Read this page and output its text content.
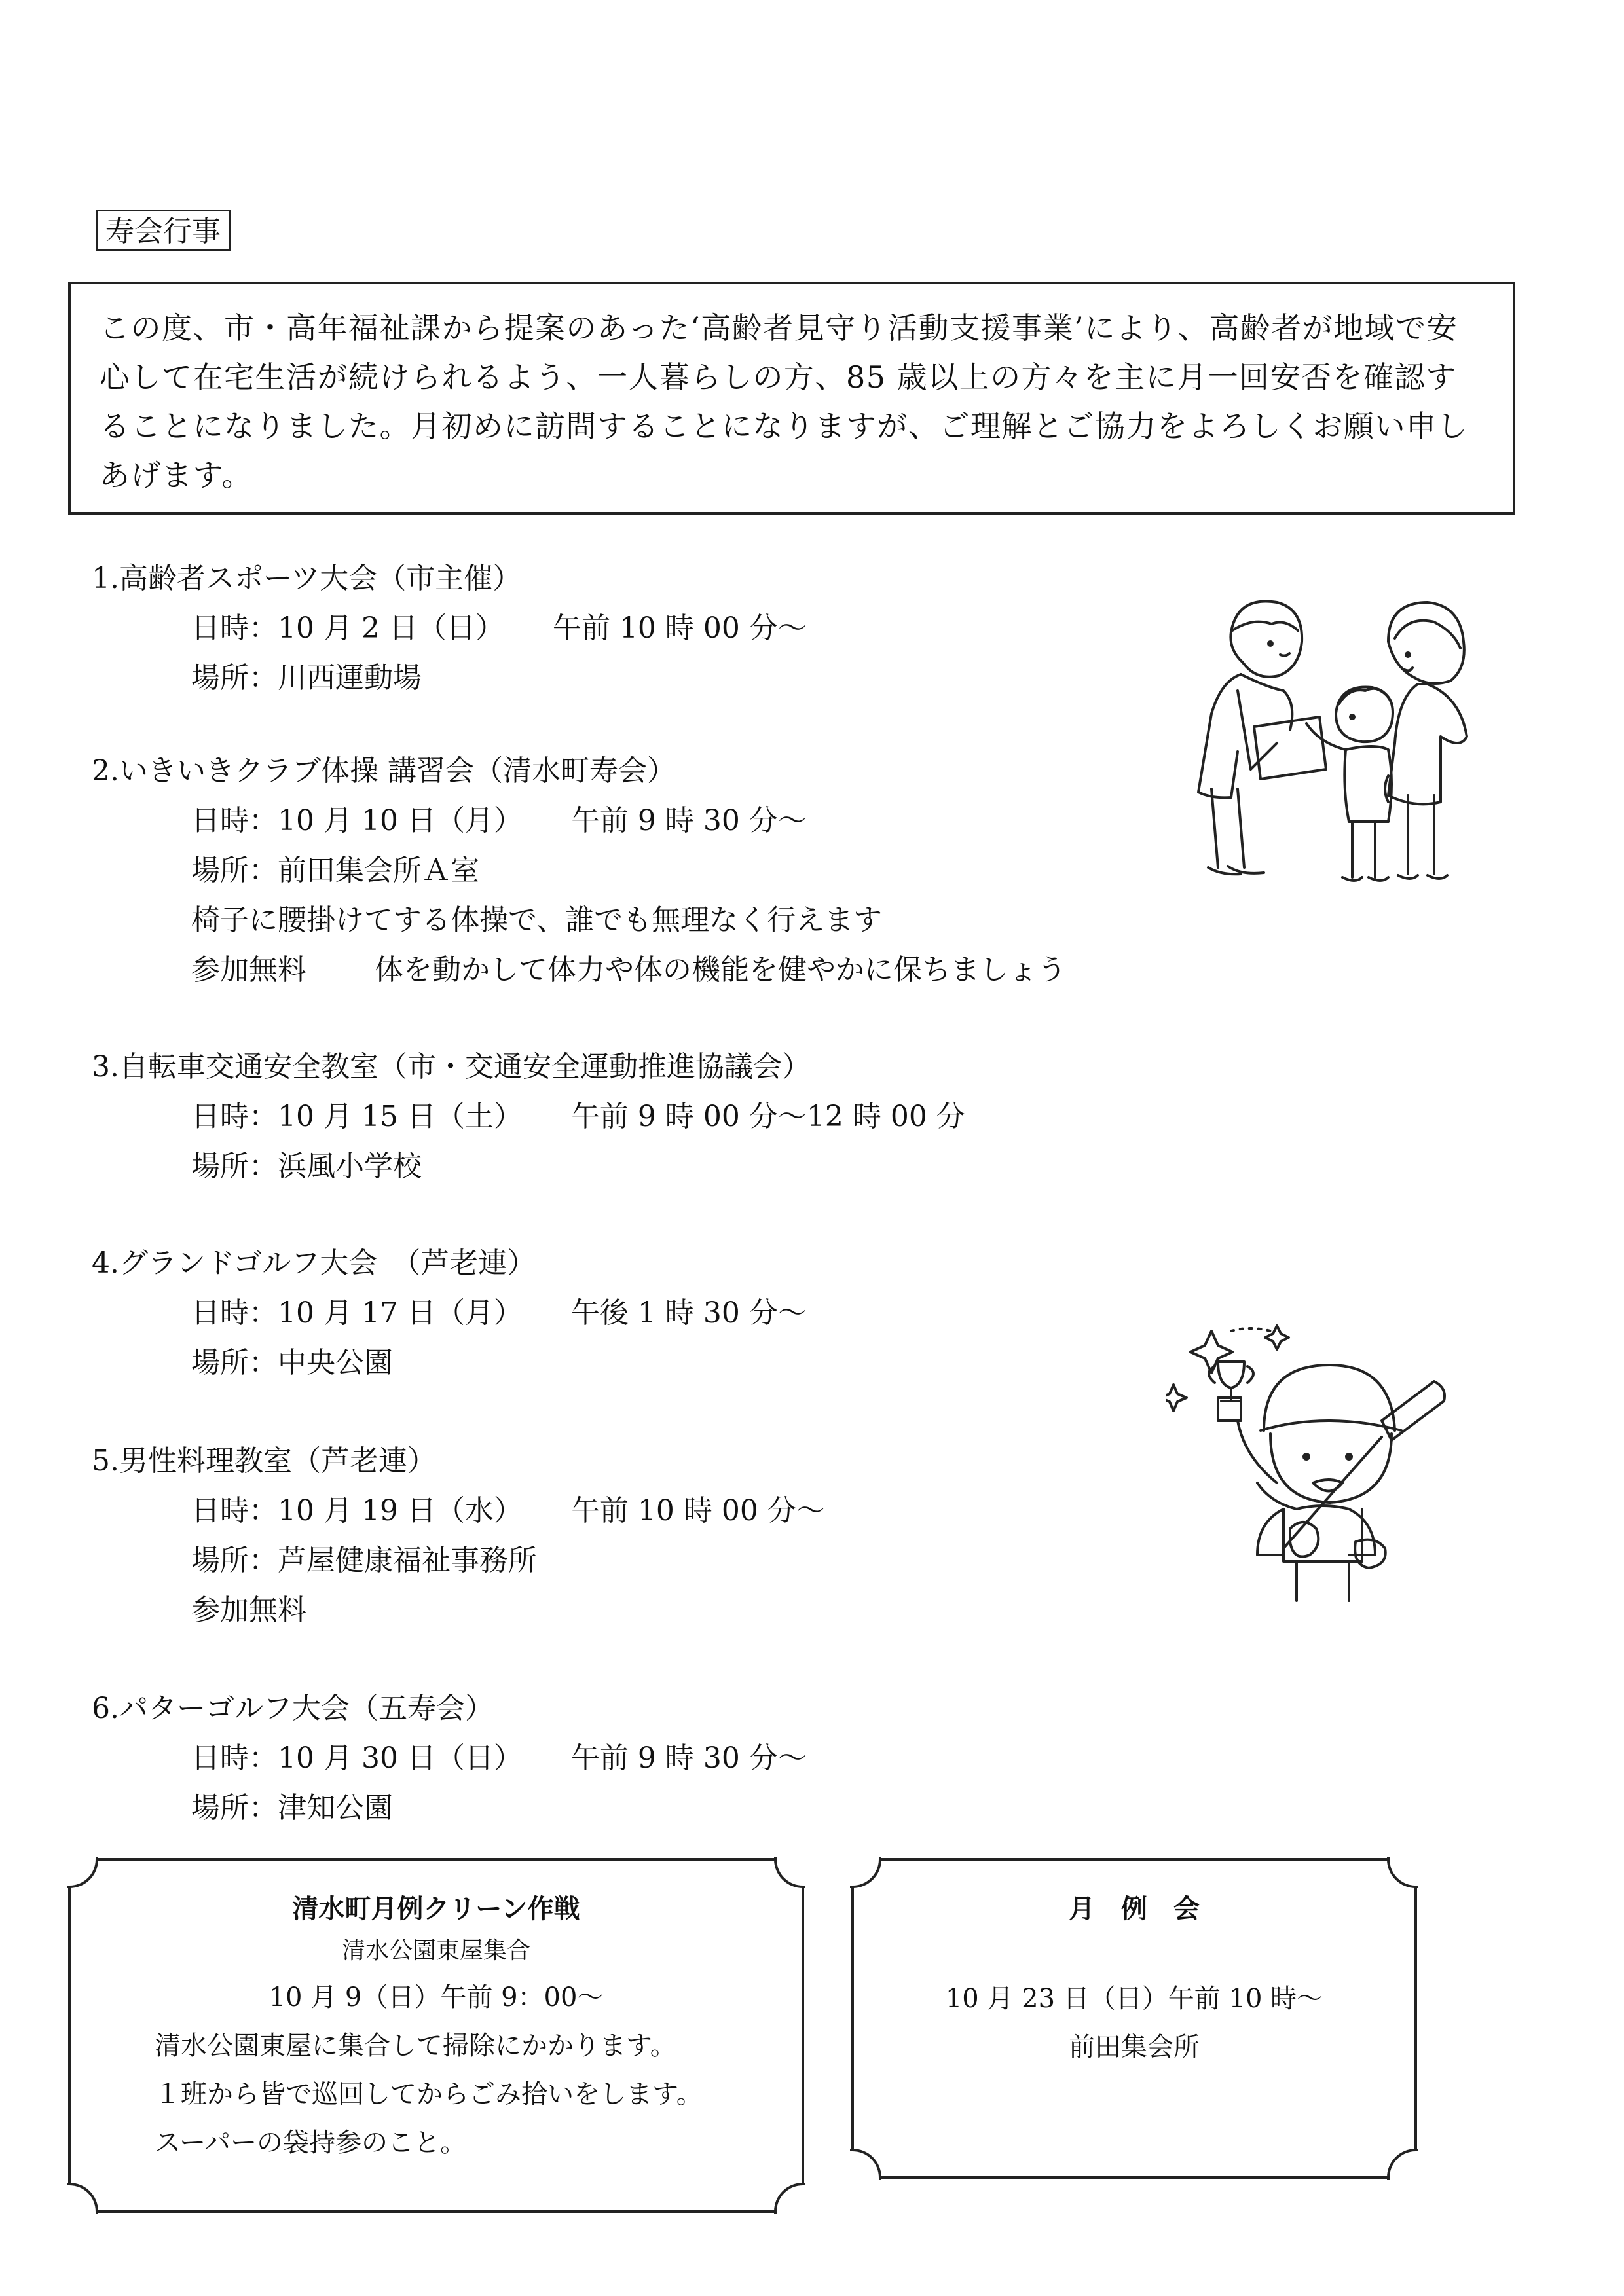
寿会行事

この度、市・高年福祉課から提案のあった‘高齢者見守り活動支援事業’により、高齢者が地域で安心して在宅生活が続けられるよう、一人暮らしの方、85 歳以上の方々を主に月一回安否を確認することになりました。月初めに訪問することになりますが、ご理解とご協力をよろしくお願い申しあげます。

1.高齢者スポーツ大会（市主催）
日時：10 月 2 日（日） 午前 10 時 00 分～
場所：川西運動場
2.いきいきクラブ体操 講習会（清水町寿会）
日時：10 月 10 日（月） 午前 9 時 30 分～
場所：前田集会所Ａ室
椅子に腰掛けてする体操で、誰でも無理なく行えます
参加無料 体を動かして体力や体の機能を健やかに保ちましょう
3.自転車交通安全教室（市・交通安全運動推進協議会）
日時：10 月 15 日（土） 午前 9 時 00 分～12 時 00 分
場所：浜風小学校
4.グランドゴルフ大会　（芦老連）
日時：10 月 17 日（月） 午後 1 時 30 分～
場所：中央公園
5.男性料理教室（芦老連）
日時：10 月 19 日（水） 午前 10 時 00 分～
場所：芦屋健康福祉事務所
参加無料
6.パターゴルフ大会（五寿会）
日時：10 月 30 日（日） 午前 9 時 30 分～
場所：津知公園
清水町月例クリーン作戦
清水公園東屋集合
10 月 9（日）午前 9：00～
清水公園東屋に集合して掃除にかかります。
１班から皆で巡回してからごみ拾いをします。
スーパーの袋持参のこと。
月　例　会
10 月 23 日（日）午前 10 時～
前田集会所
